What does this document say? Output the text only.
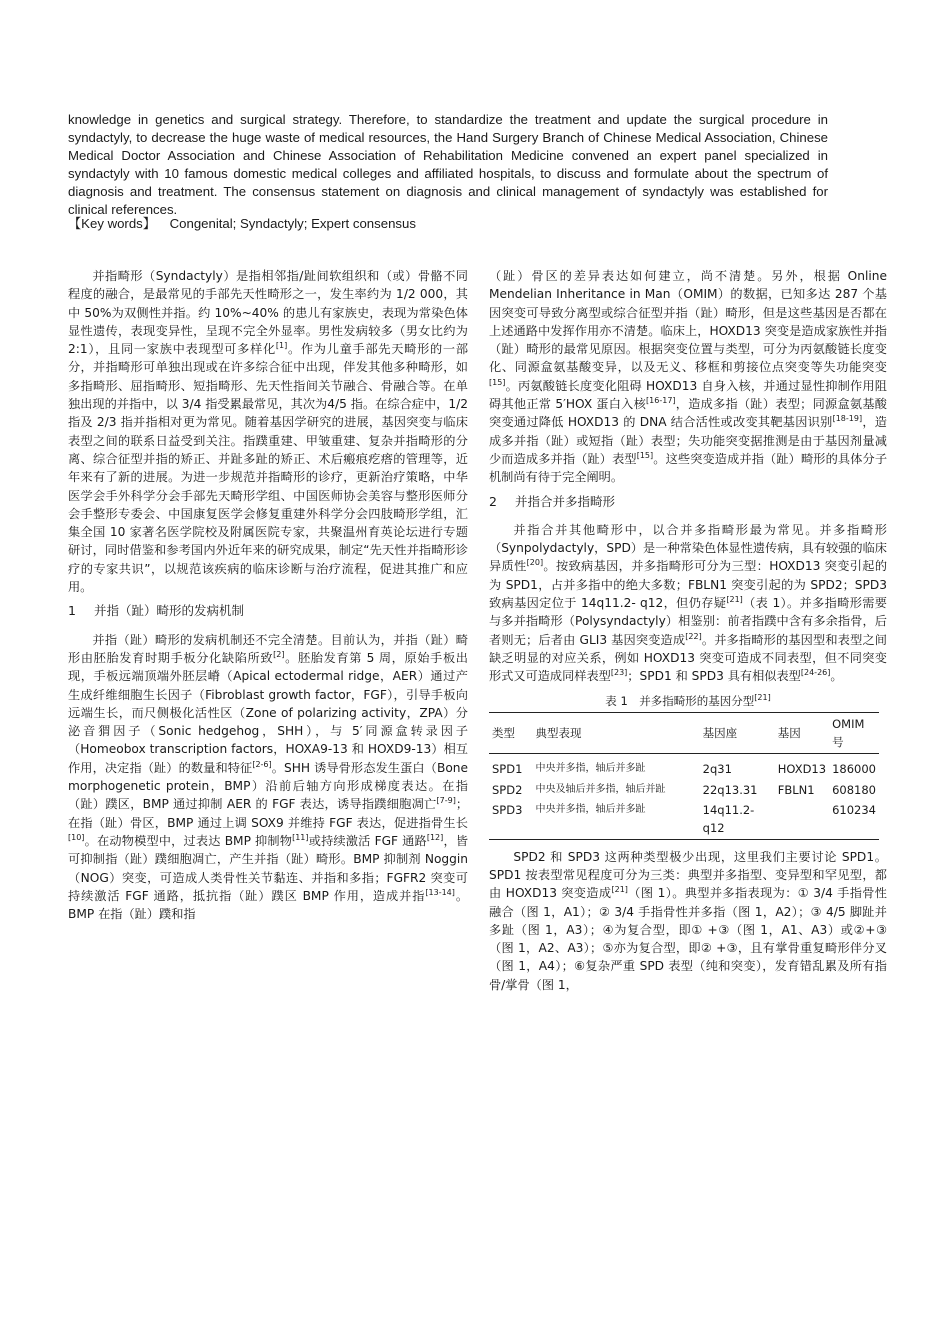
knowledge in genetics and surgical strategy. Therefore, to standardize the treatment and update the surgical procedure in syndactyly, to decrease the huge waste of medical resources, the Hand Surgery Branch of Chinese Medical Association, Chinese Medical Doctor Association and Chinese Association of Rehabilitation Medicine convened an expert panel specialized in syndactyly with 10 famous domestic medical colleges and affiliated hospitals, to discuss and formulate about the spectrum of diagnosis and treatment. The consensus statement on diagnosis and clinical management of syndactyly was established for clinical references.
【Key words】 Congenital; Syndactyly; Expert consensus

并指畸形（Syndactyly）是指相邻指/趾间软组织和（或）骨骼不同程度的融合，是最常见的手部先天性畸形之一，发生率约为 1/2 000，其中 50%为双侧性并指。约 10%~40% 的患儿有家族史，表现为常染色体显性遗传，表现变异性，呈现不完全外显率。男性发病较多（男女比约为 2:1），且同一家族中表现型可多样化[1]。作为儿童手部先天畸形的一部分，并指畸形可单独出现或在许多综合征中出现，伴发其他多种畸形，如多指畸形、屈指畸形、短指畸形、先天性指间关节融合、骨融合等。在单独出现的并指中，以 3/4 指受累最常见，其次为4/5 指。在综合症中，1/2 指及 2/3 指并指相对更为常见。随着基因学研究的进展，基因突变与临床表型之间的联系日益受到关注。指蹼重建、甲皱重建、复杂并指畸形的分离、综合征型并指的矫正、并趾多趾的矫正、术后瘢痕疙瘩的管理等，近年来有了新的进展。为进一步规范并指畸形的诊疗，更新治疗策略，中华医学会手外科学分会手部先天畸形学组、中国医师协会美容与整形医师分会手整形专委会、中国康复医学会修复重建外科学分会四肢畸形学组，汇集全国 10 家著名医学院校及附属医院专家，共聚温州育英论坛进行专题研讨，同时借鉴和参考国内外近年来的研究成果，制定“先天性并指畸形诊疗的专家共识”，以规范该疾病的临床诊断与治疗流程，促进其推广和应用。

1 并指（趾）畸形的发病机制

并指（趾）畸形的发病机制还不完全清楚。目前认为，并指（趾）畸形由胚胎发育时期手板分化缺陷所致[2]。胚胎发育第 5 周，原始手板出现，手板远端顶端外胚层嵴（Apical ectodermal ridge，AER）通过产生成纤维细胞生长因子（Fibroblast growth factor，FGF），引导手板向远端生长，而尺侧极化活性区（Zone of polarizing activity，ZPA）分泌音猬因子（Sonic hedgehog，SHH），与 5′同源盒转录因子（Homeobox transcription factors，HOXA9-13 和 HOXD9-13）相互作用，决定指（趾）的数量和特征[2-6]。SHH 诱导骨形态发生蛋白（Bone morphogenetic protein，BMP）沿前后轴方向形成梯度表达。在指（趾）蹼区，BMP 通过抑制 AER 的 FGF 表达，诱导指蹼细胞凋亡[7-9]；在指（趾）骨区，BMP 通过上调 SOX9 并维持 FGF 表达，促进指骨生长[10]。在动物模型中，过表达 BMP 抑制物[11]或持续激活 FGF 通路[12]，皆可抑制指（趾）蹼细胞凋亡，产生并指（趾）畸形。BMP 抑制剂 Noggin（NOG）突变，可造成人类骨性关节黏连、并指和多指；FGFR2 突变可持续激活 FGF 通路，抵抗指（趾）蹼区 BMP 作用，造成并指[13-14]。BMP 在指（趾）蹼和指

（趾）骨区的差异表达如何建立，尚不清楚。另外，根据 Online Mendelian Inheritance in Man（OMIM）的数据，已知多达 287 个基因突变可导致分离型或综合征型并指（趾）畸形，但是这些基因是否都在上述通路中发挥作用亦不清楚。临床上，HOXD13 突变是造成家族性并指（趾）畸形的最常见原因。根据突变位置与类型，可分为丙氨酸链长度变化、同源盒氨基酸变异，以及无义、移框和剪接位点突变等失功能突变[15]。丙氨酸链长度变化阻碍 HOXD13 自身入核，并通过显性抑制作用阻碍其他正常 5′HOX 蛋白入核[16-17]，造成多指（趾）表型；同源盒氨基酸突变通过降低 HOXD13 的 DNA 结合活性或改变其靶基因识别[18-19]，造成多并指（趾）或短指（趾）表型；失功能突变据推测是由于基因剂量减少而造成多并指（趾）表型[15]。这些突变造成并指（趾）畸形的具体分子机制尚有待于完全阐明。

2 并指合并多指畸形

并指合并其他畸形中，以合并多指畸形最为常见。并多指畸形（Synpolydactyly，SPD）是一种常染色体显性遗传病，具有较强的临床异质性[20]。按致病基因，并多指畸形可分为三型：HOXD13 突变引起的为 SPD1，占并多指中的绝大多数；FBLN1 突变引起的为 SPD2；SPD3 致病基因定位于 14q11.2- q12，但仍存疑[21]（表 1）。并多指畸形需要与多并指畸形（Polysyndactyly）相鉴别：前者指蹼中含有多余指骨，后者则无；后者由 GLI3 基因突变造成[22]。并多指畸形的基因型和表型之间缺乏明显的对应关系，例如 HOXD13 突变可造成不同表型，但不同突变形式又可造成同样表型[23]；SPD1 和 SPD3 具有相似表型[24-26]。

表 1　并多指畸形的基因分型[21]
类型	典型表现	基因座	基因	OMIM 号
SPD1	中央并多指，轴后并多趾	2q31	HOXD13	186000
SPD2	中央及轴后并多指，轴后并趾	22q13.31	FBLN1	608180
SPD3	中央并多指，轴后并多趾	14q11.2-q12		610234

SPD2 和 SPD3 这两种类型极少出现，这里我们主要讨论 SPD1。SPD1 按表型常见程度可分为三类：典型并多指型、变异型和罕见型，都由 HOXD13 突变造成[21]（图 1）。典型并多指表现为：① 3/4 手指骨性融合（图 1，A1）；② 3/4 手指骨性并多指（图 1，A2）；③ 4/5 脚趾并多趾（图 1，A3）；④为复合型，即① +③（图 1，A1、A3）或②+③（图 1，A2、A3）；⑤亦为复合型，即② +③，且有掌骨重复畸形伴分叉（图 1，A4）；⑥复杂严重 SPD 表型（纯和突变），发育错乱累及所有指骨/掌骨（图 1，
